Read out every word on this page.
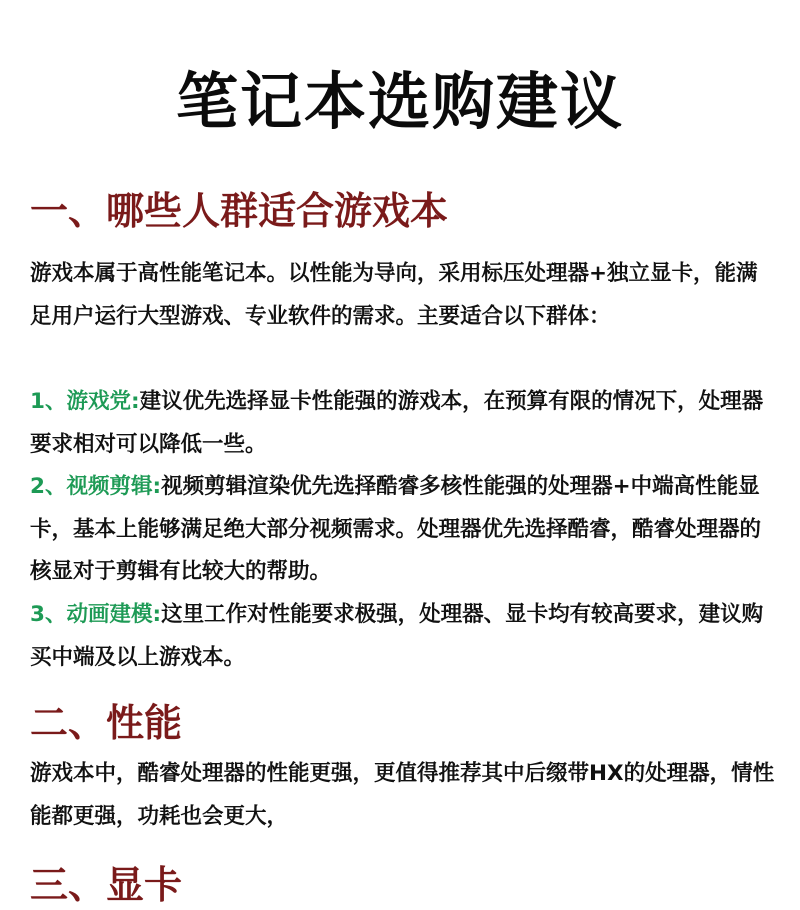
笔记本选购建议
一、哪些人群适合游戏本

游戏本属于高性能笔记本。以性能为导向，采用标压处理器+独立显卡，能满足用户运行大型游戏、专业软件的需求。主要适合以下群体：

1、游戏党:建议优先选择显卡性能强的游戏本，在预算有限的情况下，处理器要求相对可以降低一些。

2、视频剪辑:视频剪辑渲染优先选择酷睿多核性能强的处理器+中端高性能显卡，基本上能够满足绝大部分视频需求。处理器优先选择酷睿，酷睿处理器的核显对于剪辑有比较大的帮助。

3、动画建模:这里工作对性能要求极强，处理器、显卡均有较高要求，建议购买中端及以上游戏本。

二、性能

游戏本中，酷睿处理器的性能更强，更值得推荐其中后缀带HX的处理器，情性能都更强，功耗也会更大，

三、显卡
